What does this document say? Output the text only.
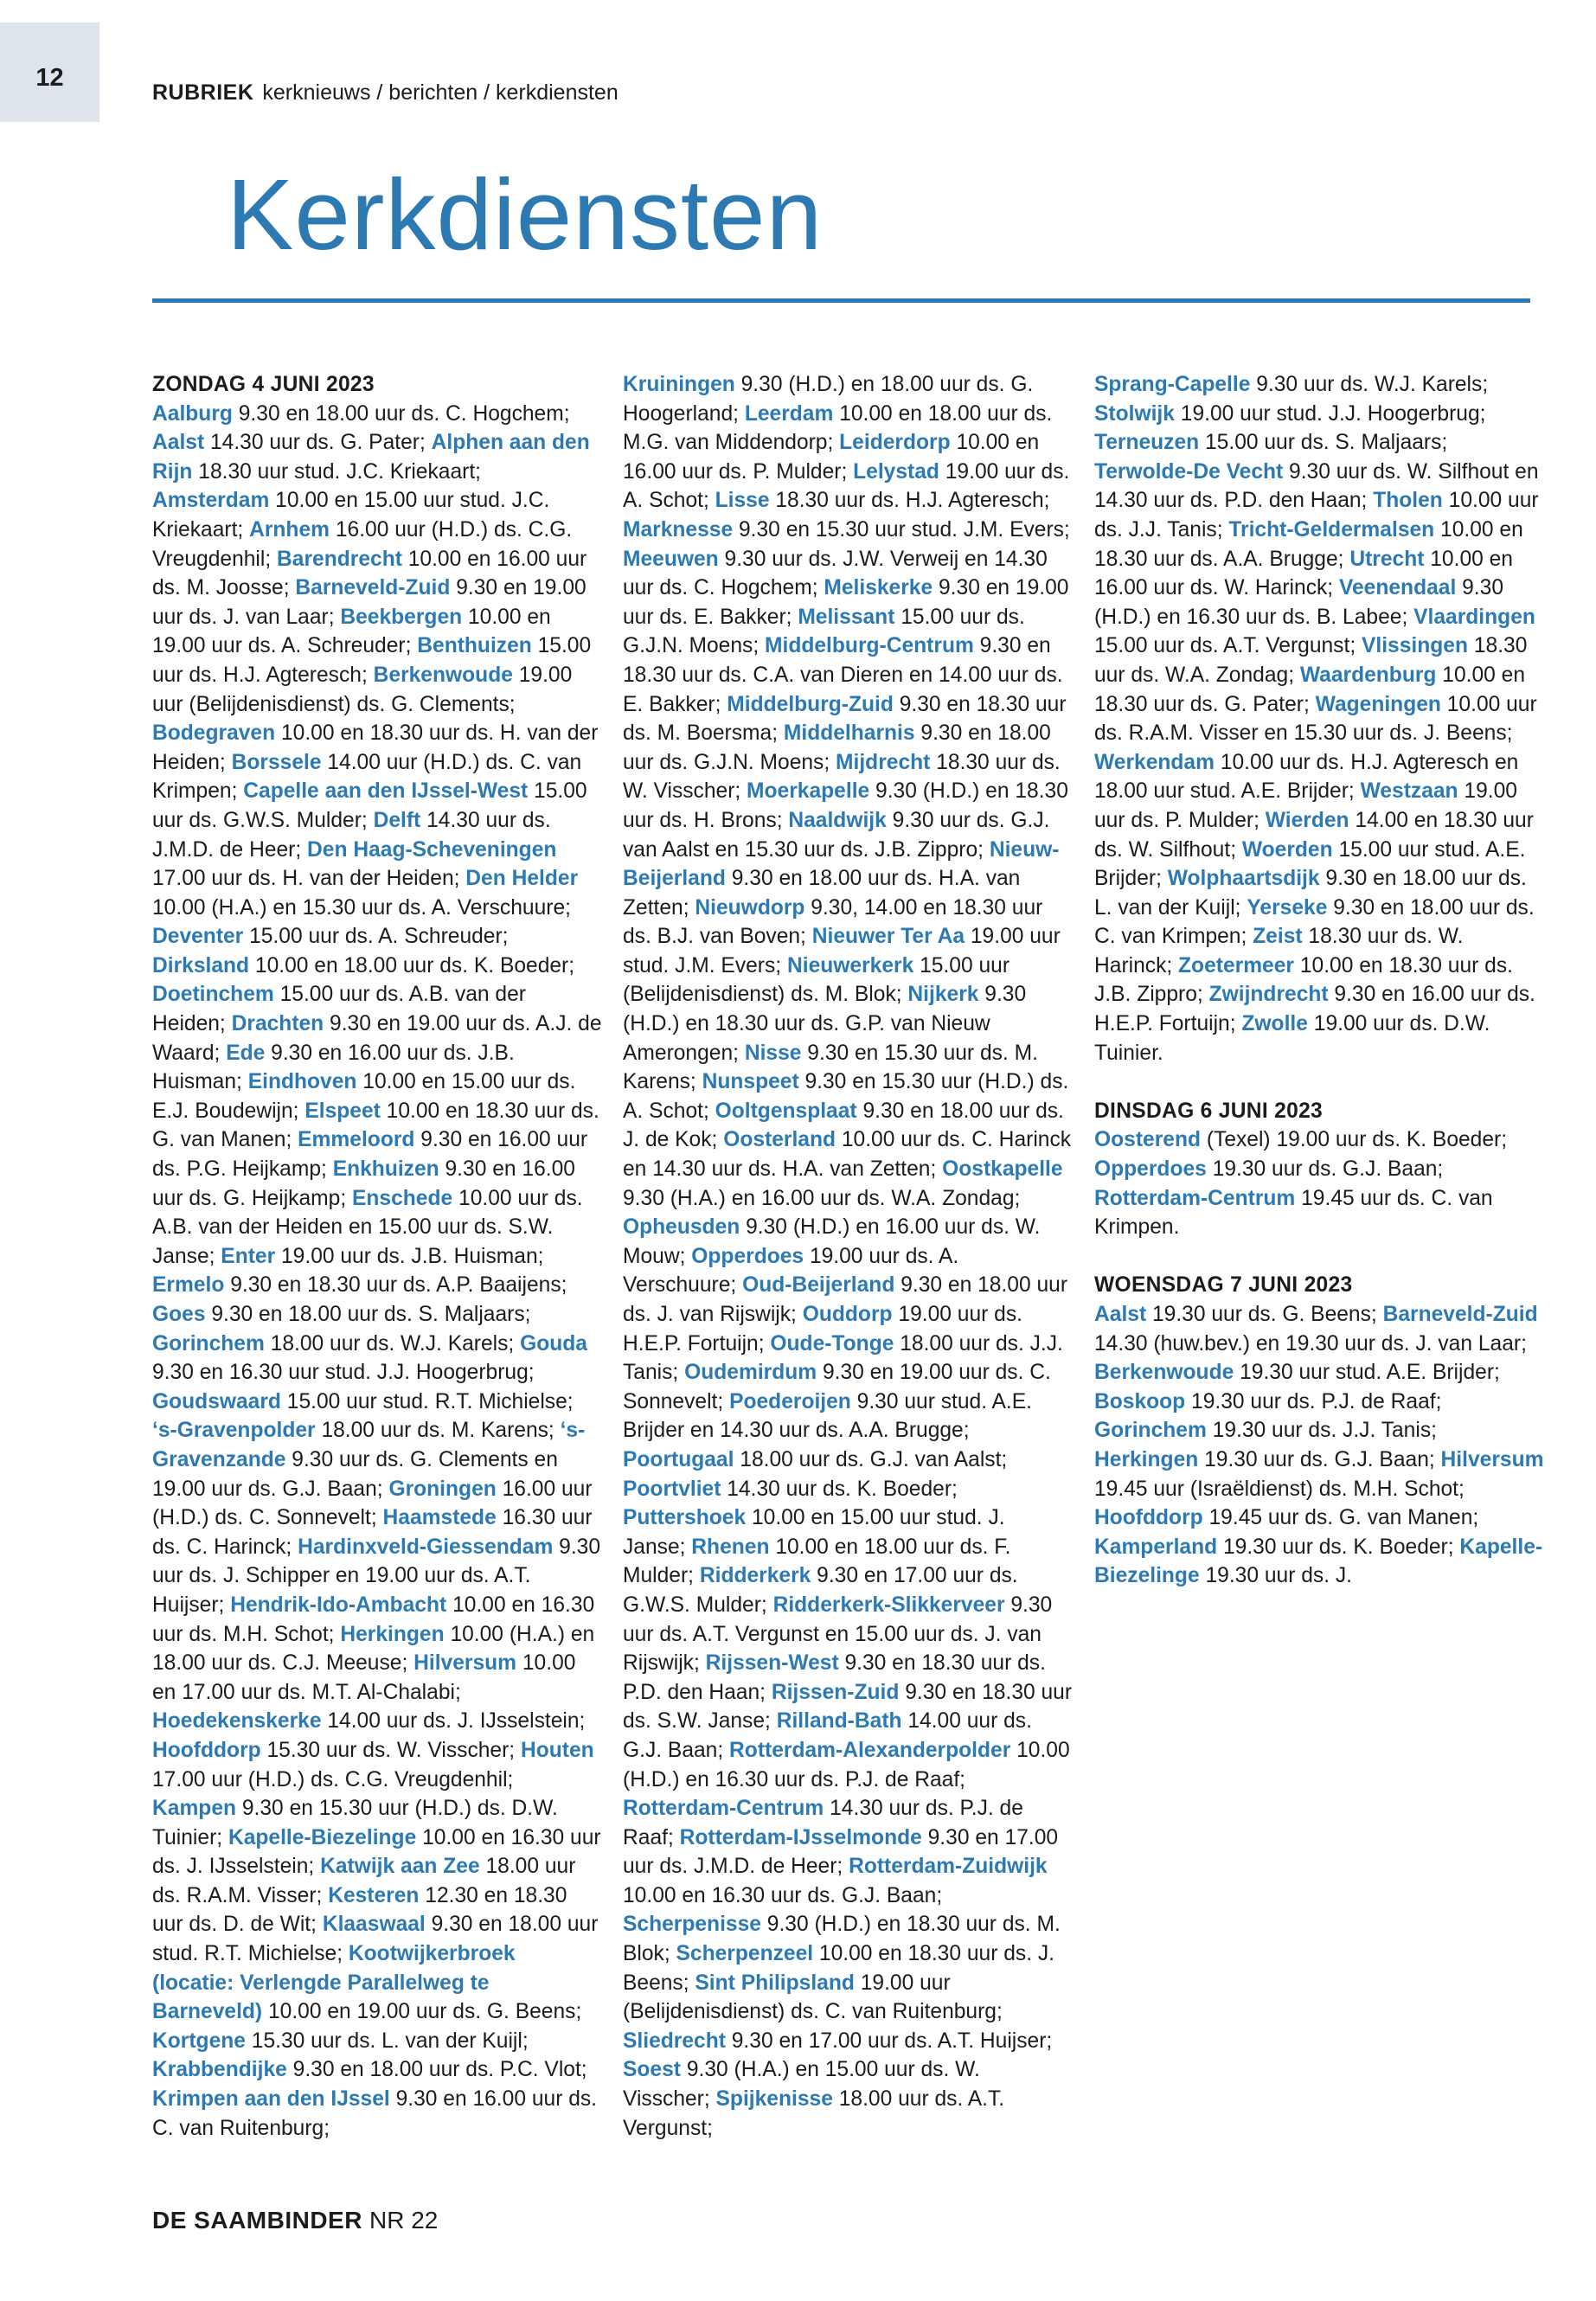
12
RUBRIEK kerknieuws / berichten / kerkdiensten
Kerkdiensten

ZONDAG 4 JUNI 2023

Aalburg 9.30 en 18.00 uur ds. C. Hogchem; Aalst 14.30 uur ds. G. Pater; Alphen aan den Rijn 18.30 uur stud. J.C. Kriekaart; Amsterdam 10.00 en 15.00 uur stud. J.C. Kriekaart; Arnhem 16.00 uur (H.D.) ds. C.G. Vreugdenhil; Barendrecht 10.00 en 16.00 uur ds. M. Joosse; Barneveld-Zuid 9.30 en 19.00 uur ds. J. van Laar; Beekbergen 10.00 en 19.00 uur ds. A. Schreuder; Benthuizen 15.00 uur ds. H.J. Agteresch; Berkenwoude 19.00 uur (Belijdenisdienst) ds. G. Clements; Bodegraven 10.00 en 18.30 uur ds. H. van der Heiden; Borssele 14.00 uur (H.D.) ds. C. van Krimpen; Capelle aan den IJssel-West 15.00 uur ds. G.W.S. Mulder; Delft 14.30 uur ds. J.M.D. de Heer; Den Haag-Scheveningen 17.00 uur ds. H. van der Heiden; Den Helder 10.00 (H.A.) en 15.30 uur ds. A. Verschuure; Deventer 15.00 uur ds. A. Schreuder; Dirksland 10.00 en 18.00 uur ds. K. Boeder; Doetinchem 15.00 uur ds. A.B. van der Heiden; Drachten 9.30 en 19.00 uur ds. A.J. de Waard; Ede 9.30 en 16.00 uur ds. J.B. Huisman; Eindhoven 10.00 en 15.00 uur ds. E.J. Boudewijn; Elspeet 10.00 en 18.30 uur ds. G. van Manen; Emmeloord 9.30 en 16.00 uur ds. P.G. Heijkamp; Enkhuizen 9.30 en 16.00 uur ds. G. Heijkamp; Enschede 10.00 uur ds. A.B. van der Heiden en 15.00 uur ds. S.W. Janse; Enter 19.00 uur ds. J.B. Huisman; Ermelo 9.30 en 18.30 uur ds. A.P. Baaijens; Goes 9.30 en 18.00 uur ds. S. Maljaars; Gorinchem 18.00 uur ds. W.J. Karels; Gouda 9.30 en 16.30 uur stud. J.J. Hoogerbrug; Goudswaard 15.00 uur stud. R.T. Michielse; ‘s-Gravenpolder 18.00 uur ds. M. Karens; ‘s-Gravenzande 9.30 uur ds. G. Clements en 19.00 uur ds. G.J. Baan; Groningen 16.00 uur (H.D.) ds. C. Sonnevelt; Haamstede 16.30 uur ds. C. Harinck; Hardinxveld-Giessendam 9.30 uur ds. J. Schipper en 19.00 uur ds. A.T. Huijser; Hendrik-Ido-Ambacht 10.00 en 16.30 uur ds. M.H. Schot; Herkingen 10.00 (H.A.) en 18.00 uur ds. C.J. Meeuse; Hilversum 10.00 en 17.00 uur ds. M.T. Al-Chalabi; Hoedekenskerke 14.00 uur ds. J. IJsselstein; Hoofddorp 15.30 uur ds. W. Visscher; Houten 17.00 uur (H.D.) ds. C.G. Vreugdenhil; Kampen 9.30 en 15.30 uur (H.D.) ds. D.W. Tuinier; Kapelle-Biezelinge 10.00 en 16.30 uur ds. J. IJsselstein; Katwijk aan Zee 18.00 uur ds. R.A.M. Visser; Kesteren 12.30 en 18.30 uur ds. D. de Wit; Klaaswaal 9.30 en 18.00 uur stud. R.T. Michielse; Kootwijkerbroek (locatie: Verlengde Parallelweg te Barneveld) 10.00 en 19.00 uur ds. G. Beens; Kortgene 15.30 uur ds. L. van der Kuijl; Krabbendijke 9.30 en 18.00 uur ds. P.C. Vlot; Krimpen aan den IJssel 9.30 en 16.00 uur ds. C. van Ruitenburg;

Kruiningen 9.30 (H.D.) en 18.00 uur ds. G. Hoogerland; Leerdam 10.00 en 18.00 uur ds. M.G. van Middendorp; Leiderdorp 10.00 en 16.00 uur ds. P. Mulder; Lelystad 19.00 uur ds. A. Schot; Lisse 18.30 uur ds. H.J. Agteresch; Marknesse 9.30 en 15.30 uur stud. J.M. Evers; Meeuwen 9.30 uur ds. J.W. Verweij en 14.30 uur ds. C. Hogchem; Meliskerke 9.30 en 19.00 uur ds. E. Bakker; Melissant 15.00 uur ds. G.J.N. Moens; Middelburg-Centrum 9.30 en 18.30 uur ds. C.A. van Dieren en 14.00 uur ds. E. Bakker; Middelburg-Zuid 9.30 en 18.30 uur ds. M. Boersma; Middelharnis 9.30 en 18.00 uur ds. G.J.N. Moens; Mijdrecht 18.30 uur ds. W. Visscher; Moerkapelle 9.30 (H.D.) en 18.30 uur ds. H. Brons; Naaldwijk 9.30 uur ds. G.J. van Aalst en 15.30 uur ds. J.B. Zippro; Nieuw-Beijerland 9.30 en 18.00 uur ds. H.A. van Zetten; Nieuwdorp 9.30, 14.00 en 18.30 uur ds. B.J. van Boven; Nieuwer Ter Aa 19.00 uur stud. J.M. Evers; Nieuwerkerk 15.00 uur (Belijdenisdienst) ds. M. Blok; Nijkerk 9.30 (H.D.) en 18.30 uur ds. G.P. van Nieuw Amerongen; Nisse 9.30 en 15.30 uur ds. M. Karens; Nunspeet 9.30 en 15.30 uur (H.D.) ds. A. Schot; Ooltgensplaat 9.30 en 18.00 uur ds. J. de Kok; Oosterland 10.00 uur ds. C. Harinck en 14.30 uur ds. H.A. van Zetten; Oostkapelle 9.30 (H.A.) en 16.00 uur ds. W.A. Zondag; Opheusden 9.30 (H.D.) en 16.00 uur ds. W. Mouw; Opperdoes 19.00 uur ds. A. Verschuure; Oud-Beijerland 9.30 en 18.00 uur ds. J. van Rijswijk; Ouddorp 19.00 uur ds. H.E.P. Fortuijn; Oude-Tonge 18.00 uur ds. J.J. Tanis; Oudemirdum 9.30 en 19.00 uur ds. C. Sonnevelt; Poederoijen 9.30 uur stud. A.E. Brijder en 14.30 uur ds. A.A. Brugge; Poortugaal 18.00 uur ds. G.J. van Aalst; Poortvliet 14.30 uur ds. K. Boeder; Puttershoek 10.00 en 15.00 uur stud. J. Janse; Rhenen 10.00 en 18.00 uur ds. F. Mulder; Ridderkerk 9.30 en 17.00 uur ds. G.W.S. Mulder; Ridderkerk-Slikkerveer 9.30 uur ds. A.T. Vergunst en 15.00 uur ds. J. van Rijswijk; Rijssen-West 9.30 en 18.30 uur ds. P.D. den Haan; Rijssen-Zuid 9.30 en 18.30 uur ds. S.W. Janse; Rilland-Bath 14.00 uur ds. G.J. Baan; Rotterdam-Alexanderpolder 10.00 (H.D.) en 16.30 uur ds. P.J. de Raaf; Rotterdam-Centrum 14.30 uur ds. P.J. de Raaf; Rotterdam-IJsselmonde 9.30 en 17.00 uur ds. J.M.D. de Heer; Rotterdam-Zuidwijk 10.00 en 16.30 uur ds. G.J. Baan; Scherpenisse 9.30 (H.D.) en 18.30 uur ds. M. Blok; Scherpenzeel 10.00 en 18.30 uur ds. J. Beens; Sint Philipsland 19.00 uur (Belijdenisdienst) ds. C. van Ruitenburg; Sliedrecht 9.30 en 17.00 uur ds. A.T. Huijser; Soest 9.30 (H.A.) en 15.00 uur ds. W. Visscher; Spijkenisse 18.00 uur ds. A.T. Vergunst;

Sprang-Capelle 9.30 uur ds. W.J. Karels; Stolwijk 19.00 uur stud. J.J. Hoogerbrug; Terneuzen 15.00 uur ds. S. Maljaars; Terwolde-De Vecht 9.30 uur ds. W. Silfhout en 14.30 uur ds. P.D. den Haan; Tholen 10.00 uur ds. J.J. Tanis; Tricht-Geldermalsen 10.00 en 18.30 uur ds. A.A. Brugge; Utrecht 10.00 en 16.00 uur ds. W. Harinck; Veenendaal 9.30 (H.D.) en 16.30 uur ds. B. Labee; Vlaardingen 15.00 uur ds. A.T. Vergunst; Vlissingen 18.30 uur ds. W.A. Zondag; Waardenburg 10.00 en 18.30 uur ds. G. Pater; Wageningen 10.00 uur ds. R.A.M. Visser en 15.30 uur ds. J. Beens; Werkendam 10.00 uur ds. H.J. Agteresch en 18.00 uur stud. A.E. Brijder; Westzaan 19.00 uur ds. P. Mulder; Wierden 14.00 en 18.30 uur ds. W. Silfhout; Woerden 15.00 uur stud. A.E. Brijder; Wolphaartsdijk 9.30 en 18.00 uur ds. L. van der Kuijl; Yerseke 9.30 en 18.00 uur ds. C. van Krimpen; Zeist 18.30 uur ds. W. Harinck; Zoetermeer 10.00 en 18.30 uur ds. J.B. Zippro; Zwijndrecht 9.30 en 16.00 uur ds. H.E.P. Fortuijn; Zwolle 19.00 uur ds. D.W. Tuinier.

DINSDAG 6 JUNI 2023

Oosterend (Texel) 19.00 uur ds. K. Boeder; Opperdoes 19.30 uur ds. G.J. Baan; Rotterdam-Centrum 19.45 uur ds. C. van Krimpen.

WOENSDAG 7 JUNI 2023

Aalst 19.30 uur ds. G. Beens; Barneveld-Zuid 14.30 (huw.bev.) en 19.30 uur ds. J. van Laar; Berkenwoude 19.30 uur stud. A.E. Brijder; Boskoop 19.30 uur ds. P.J. de Raaf; Gorinchem 19.30 uur ds. J.J. Tanis; Herkingen 19.30 uur ds. G.J. Baan; Hilversum 19.45 uur (Israëldienst) ds. M.H. Schot; Hoofddorp 19.45 uur ds. G. van Manen; Kamperland 19.30 uur ds. K. Boeder; Kapelle-Biezelinge 19.30 uur ds. J.

DE SAAMBINDER NR 22
